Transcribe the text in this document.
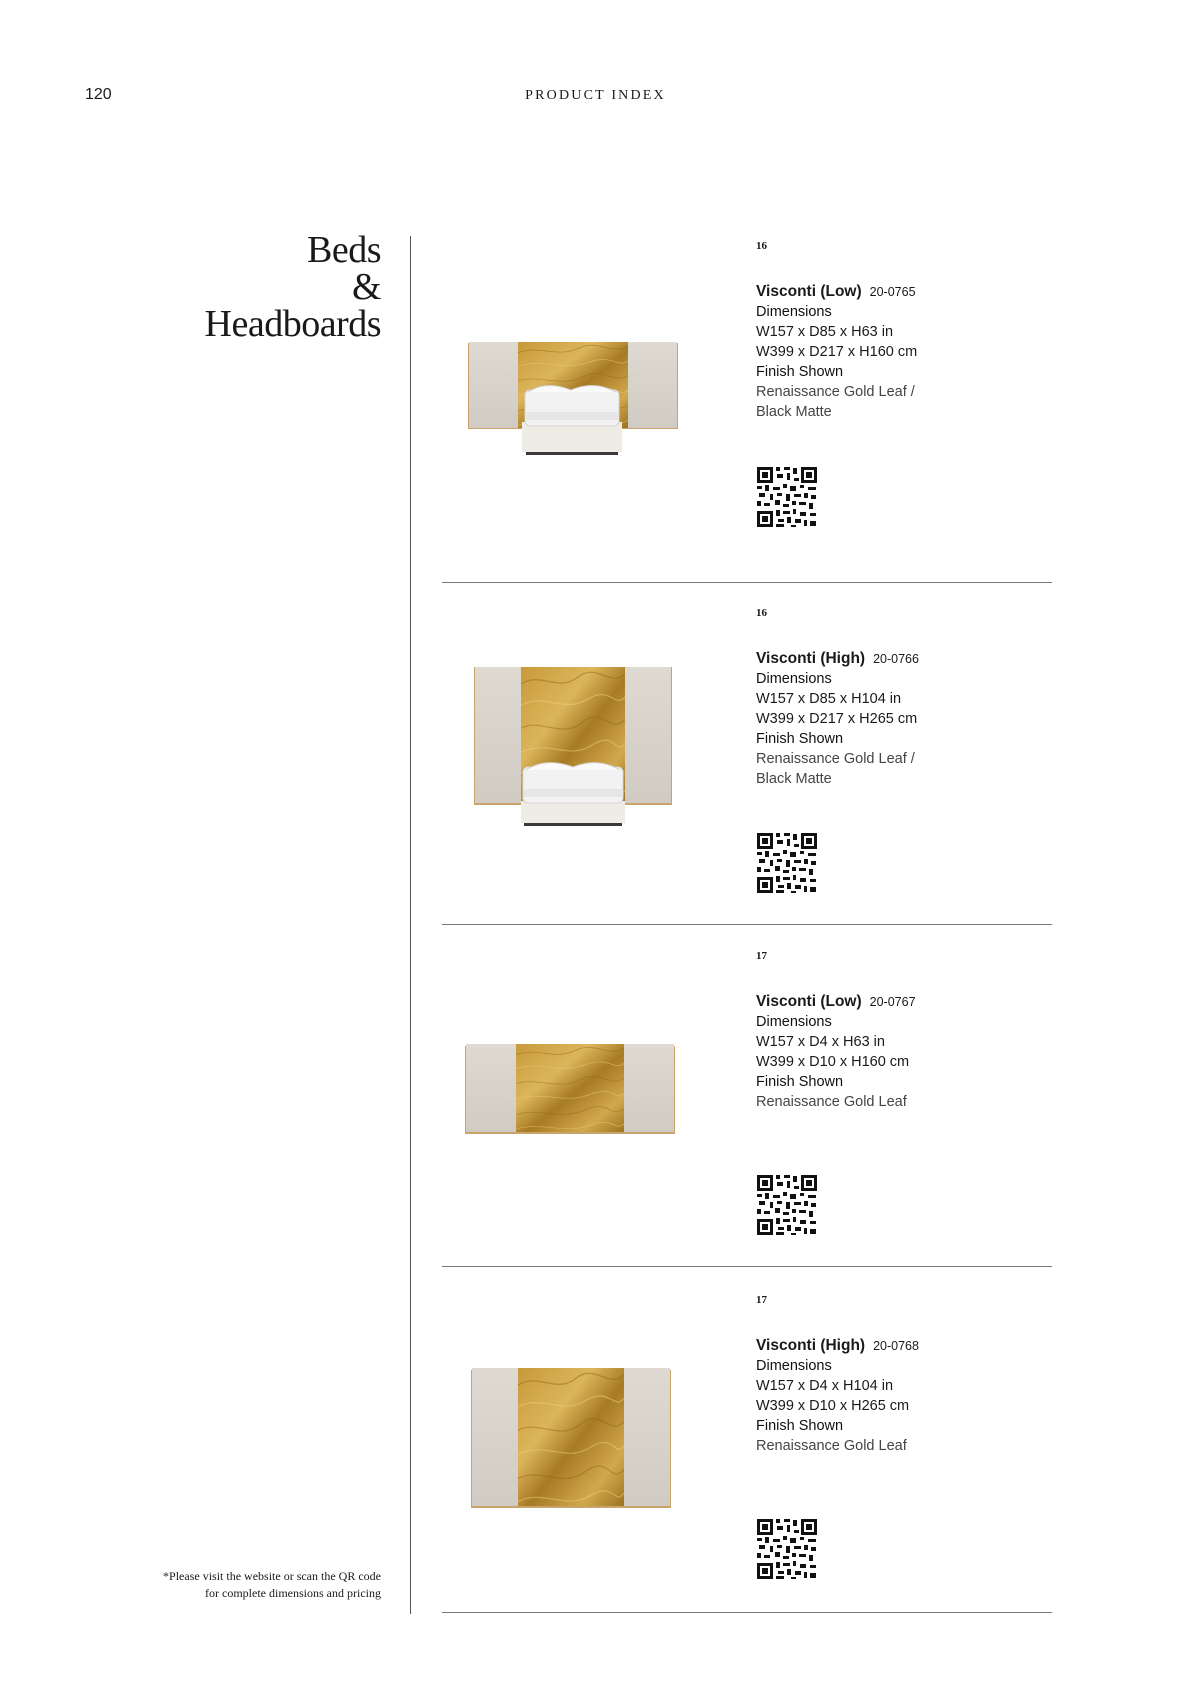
120	PRODUCT INDEX
Beds
&
Headboards
16
Visconti (Low) 20-0765
Dimensions
W157 x D85 x H63 in
W399 x D217 x H160 cm
Finish Shown
Renaissance Gold Leaf /
Black Matte
16
Visconti (High) 20-0766
Dimensions
W157 x D85 x H104 in
W399 x D217 x H265 cm
Finish Shown
Renaissance Gold Leaf /
Black Matte
17
Visconti (Low) 20-0767
Dimensions
W157 x D4 x H63 in
W399 x D10 x H160 cm
Finish Shown
Renaissance Gold Leaf
17
Visconti (High) 20-0768
Dimensions
W157 x D4 x H104 in
W399 x D10 x H265 cm
Finish Shown
Renaissance Gold Leaf
*Please visit the website or scan the QR code
for complete dimensions and pricing
